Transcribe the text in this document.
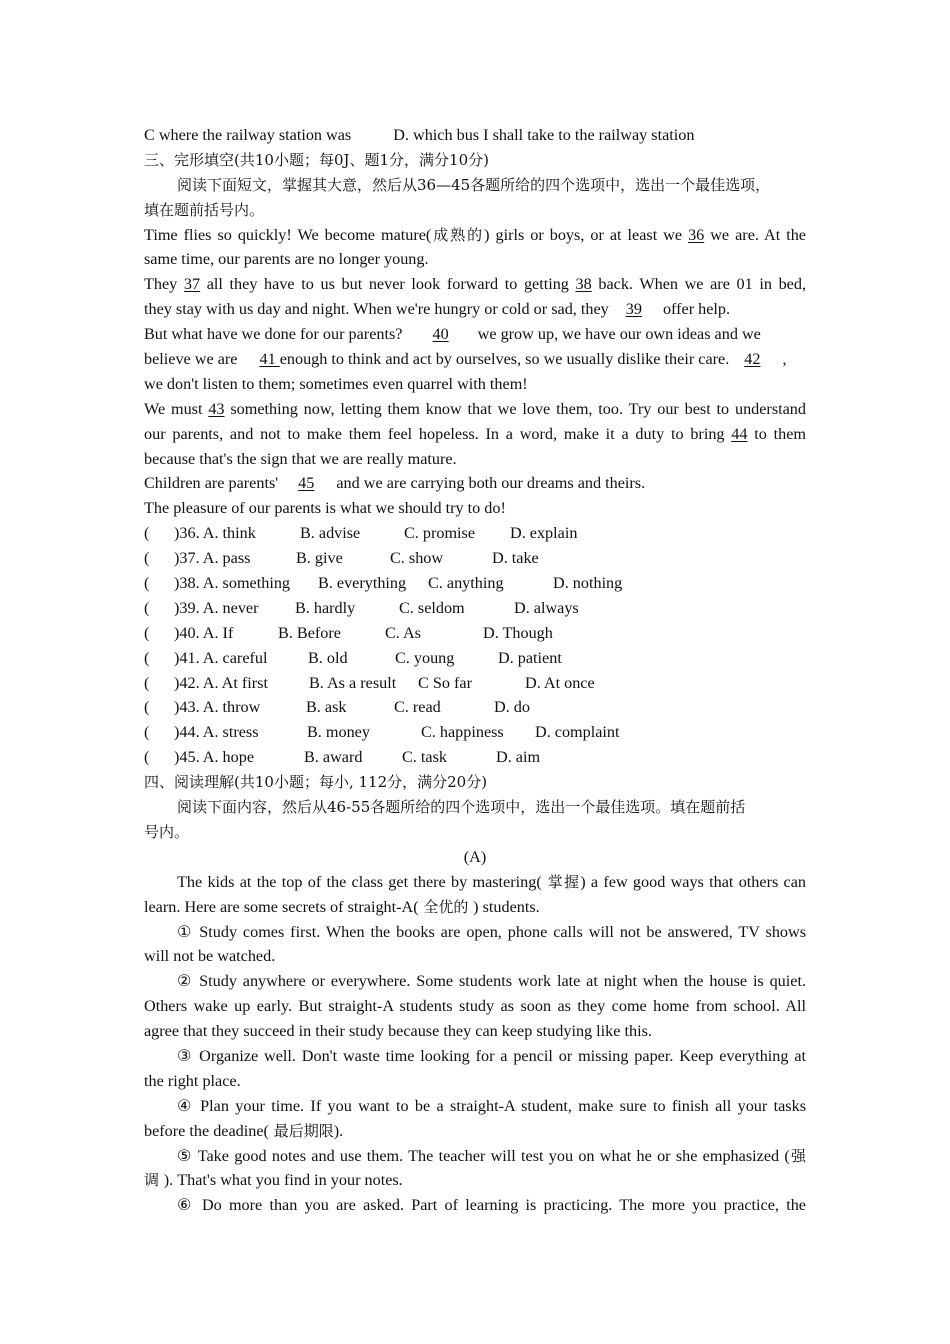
C where the railway station was	D. which bus I shall take to the railway station
三、完形填空(共10小题；每0J、题1分，满分10分)
阅读下面短文，掌握其大意，然后从36—45各题所给的四个选项中，选出一个最佳选项，
填在题前括号内。
Time flies so quickly! We become mature(成熟的) girls or boys, or at least we 36 we are. At the
same time, our parents are no longer young.
They 37 all they have to us but never look forward to getting 38 back. When we are 01 in bed,
they stay with us day and night. When we're hungry or cold or sad, they 39 offer help.
But what have we done for our parents? 40 we grow up, we have our own ideas and we
believe we are 41 enough to think and act by ourselves, so we usually dislike their care. 42 ,
we don't listen to them; sometimes even quarrel with them!
We must 43 something now, letting them know that we love them, too. Try our best to understand
our parents, and not to make them feel hopeless. In a word, make it a duty to bring 44 to them
because that's the sign that we are really mature.
Children are parents' 45 and we are carrying both our dreams and theirs.
The pleasure of our parents is what we should try to do!
(	)36. A. think	B. advise	C. promise	D. explain
(	)37. A. pass	B. give	C. show	D. take
(	)38. A. something	B. everything	C. anything	D. nothing
(	)39. A. never	B. hardly	C. seldom	D. always
(	)40. A. If	B. Before	C. As	D. Though
(	)41. A. careful	B. old	C. young	D. patient
(	)42. A. At first	B. As a result	C So far	D. At once
(	)43. A. throw	B. ask	C. read	D. do
(	)44. A. stress	B. money	C. happiness	D. complaint
(	)45. A. hope	B. award	C. task	D. aim
四、阅读理解(共10小题；每小, 112分，满分20分)
阅读下面内容，然后从46-55各题所给的四个选项中，选出一个最佳选项。填在题前括
号内。
(A)
The kids at the top of the class get there by mastering( 掌握) a few good ways that others can
learn. Here are some secrets of straight-A( 全优的 ) students.
① Study comes first. When the books are open, phone calls will not be answered, TV shows
will not be watched.
② Study anywhere or everywhere. Some students work late at night when the house is quiet.
Others wake up early. But straight-A students study as soon as they come home from school. All
agree that they succeed in their study because they can keep studying like this.
③ Organize well. Don't waste time looking for a pencil or missing paper. Keep everything at
the right place.
④ Plan your time. If you want to be a straight-A student, make sure to finish all your tasks
before the deadine( 最后期限).
⑤ Take good notes and use them. The teacher will test you on what he or she emphasized (强
调 ). That's what you find in your notes.
⑥ Do more than you are asked. Part of learning is practicing. The more you practice, the
